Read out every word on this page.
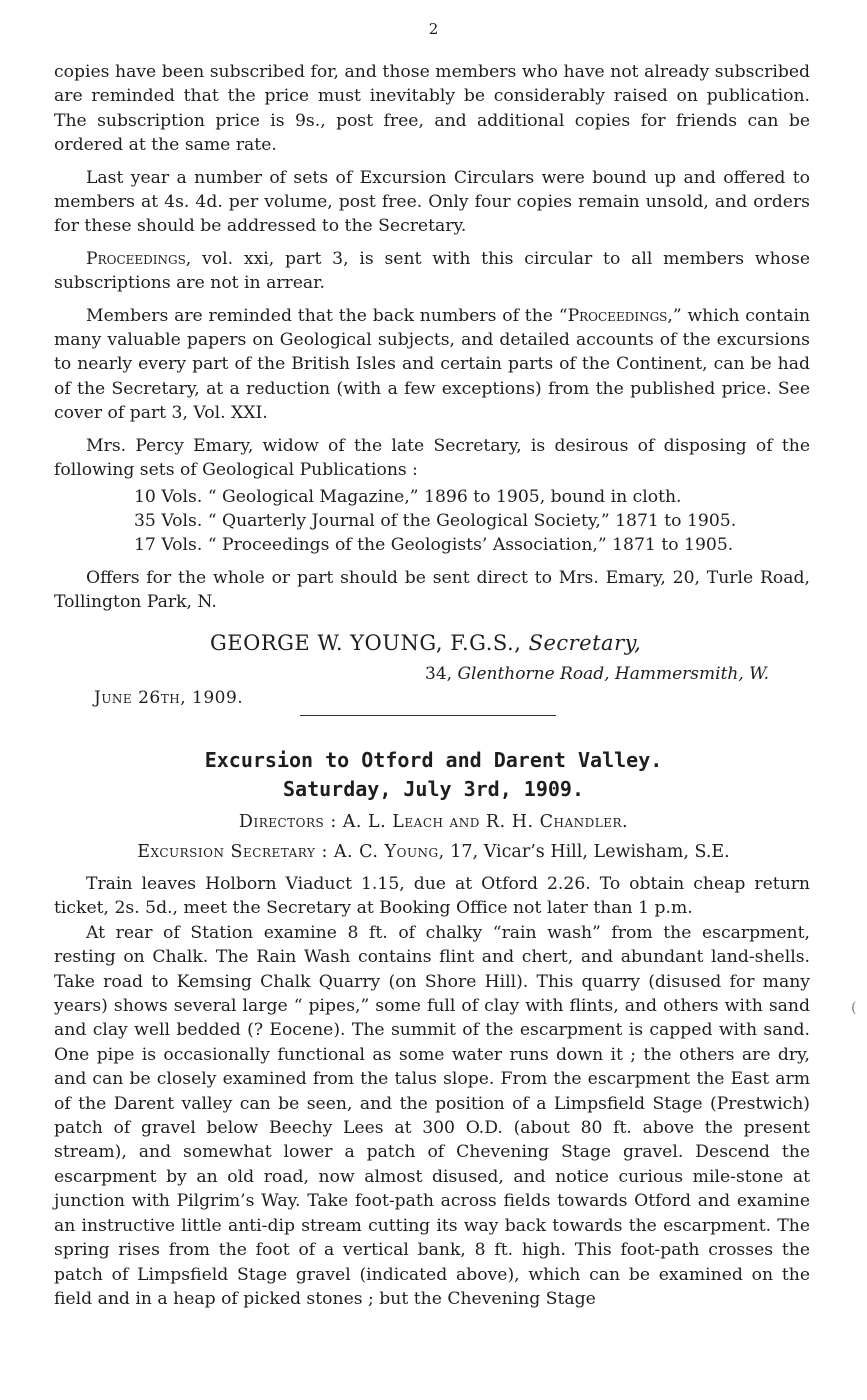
2

copies have been subscribed for, and those members who have not already subscribed are reminded that the price must inevitably be considerably raised on publication. The subscription price is 9s., post free, and additional copies for friends can be ordered at the same rate.

Last year a number of sets of Excursion Circulars were bound up and offered to members at 4s. 4d. per volume, post free. Only four copies remain unsold, and orders for these should be addressed to the Secretary.

Proceedings, vol. xxi, part 3, is sent with this circular to all members whose subscriptions are not in arrear.

Members are reminded that the back numbers of the “Proceedings,” which contain many valuable papers on Geological subjects, and detailed accounts of the excursions to nearly every part of the British Isles and certain parts of the Continent, can be had of the Secretary, at a reduction (with a few exceptions) from the published price. See cover of part 3, Vol. XXI.

Mrs. Percy Emary, widow of the late Secretary, is desirous of disposing of the following sets of Geological Publications :

10 Vols. “ Geological Magazine,” 1896 to 1905, bound in cloth.
35 Vols. “ Quarterly Journal of the Geological Society,” 1871 to 1905.
17 Vols. “ Proceedings of the Geologists’ Association,” 1871 to 1905.

Offers for the whole or part should be sent direct to Mrs. Emary, 20, Turle Road, Tollington Park, N.

GEORGE W. YOUNG, F.G.S., Secretary,
34, Glenthorne Road, Hammersmith, W.
June 26th, 1909.
Excursion to Otford and Darent Valley.
Saturday, July 3rd, 1909.
Directors : A. L. Leach and R. H. Chandler.
Excursion Secretary : A. C. Young, 17, Vicar’s Hill, Lewisham, S.E.

Train leaves Holborn Viaduct 1.15, due at Otford 2.26. To obtain cheap return ticket, 2s. 5d., meet the Secretary at Booking Office not later than 1 p.m.

At rear of Station examine 8 ft. of chalky “rain wash” from the escarpment, resting on Chalk. The Rain Wash contains flint and chert, and abundant land-shells. Take road to Kemsing Chalk Quarry (on Shore Hill). This quarry (disused for many years) shows several large “ pipes,” some full of clay with flints, and others with sand and clay well bedded (? Eocene). The summit of the escarpment is capped with sand. One pipe is occasionally functional as some water runs down it ; the others are dry, and can be closely examined from the talus slope. From the escarpment the East arm of the Darent valley can be seen, and the position of a Limpsfield Stage (Prestwich) patch of gravel below Beechy Lees at 300 O.D. (about 80 ft. above the present stream), and somewhat lower a patch of Chevening Stage gravel. Descend the escarpment by an old road, now almost disused, and notice curious mile-stone at junction with Pilgrim’s Way. Take foot-path across fields towards Otford and examine an instructive little anti-dip stream cutting its way back towards the escarpment. The spring rises from the foot of a vertical bank, 8 ft. high. This foot-path crosses the patch of Limpsfield Stage gravel (indicated above), which can be examined on the field and in a heap of picked stones ; but the Chevening Stage

(
